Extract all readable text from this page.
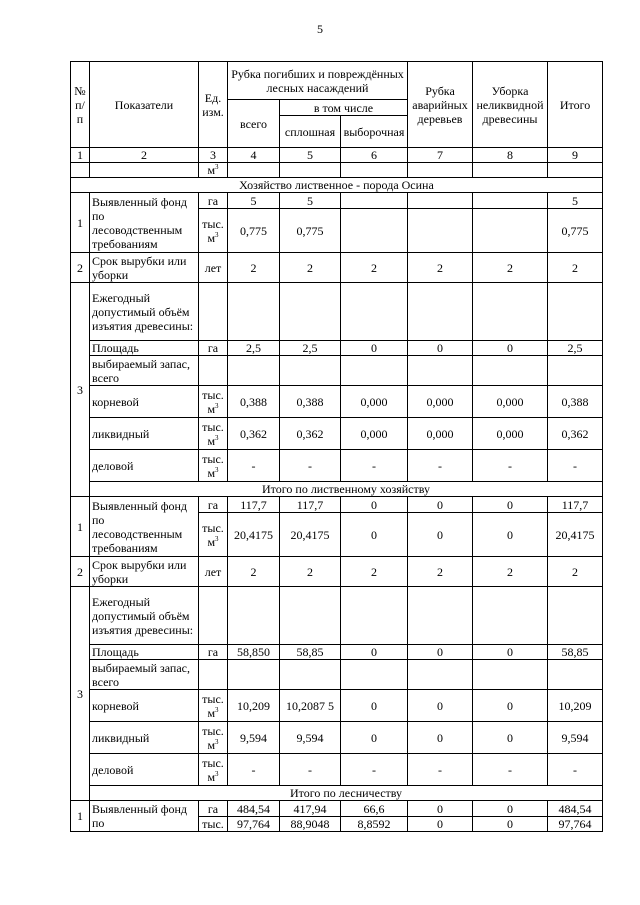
5
№ п/п	Показатели	Ед. изм.	Рубка погибших и повреждённых лесных насаждений			Рубка аварийных деревьев	Уборка неликвидной древесины	Итого
			всего	в том числе				
				сплошная	выборочная			
1	2	3	4	5	6	7	8	9
		$м^3$						
Хозяйство лиственное - порода Осина								
1	Выявленный фонд по лесоводственным требованиям	га	5	5				5
		тыс. $м^3$	0,775	0,775				0,775
2	Срок вырубки или уборки	лет	2	2	2	2	2	2
3	Ежегодный допустимый объём изъятия древесины:							
	Площадь	га	2,5	2,5	0	0	0	2,5
	выбираемый запас, всего							
	корневой	тыс. $м^3$	0,388	0,388	0,000	0,000	0,000	0,388
	ликвидный	тыс. $м^3$	0,362	0,362	0,000	0,000	0,000	0,362
	деловой	тыс. $м^3$	-	-	-	-	-	-
	Итого по лиственному хозяйству							
1	Выявленный фонд по лесоводственным требованиям	га	117,7	117,7	0	0	0	117,7
		тыс. $м^3$	20,4175	20,4175	0	0	0	20,4175
2	Срок вырубки или уборки	лет	2	2	2	2	2	2
3	Ежегодный допустимый объём изъятия древесины:							
	Площадь	га	58,850	58,85	0	0	0	58,85
	выбираемый запас, всего							
	корневой	тыс. $м^3$	10,209	10,2087 5	0	0	0	10,209
	ликвидный	тыс. $м^3$	9,594	9,594	0	0	0	9,594
	деловой	тыс. $м^3$	-	-	-	-	-	-
	Итого по лесничеству							
1	Выявленный фонд по	га	484,54	417,94	66,6	0	0	484,54
		тыс.	97,764	88,9048	8,8592	0	0	97,764
